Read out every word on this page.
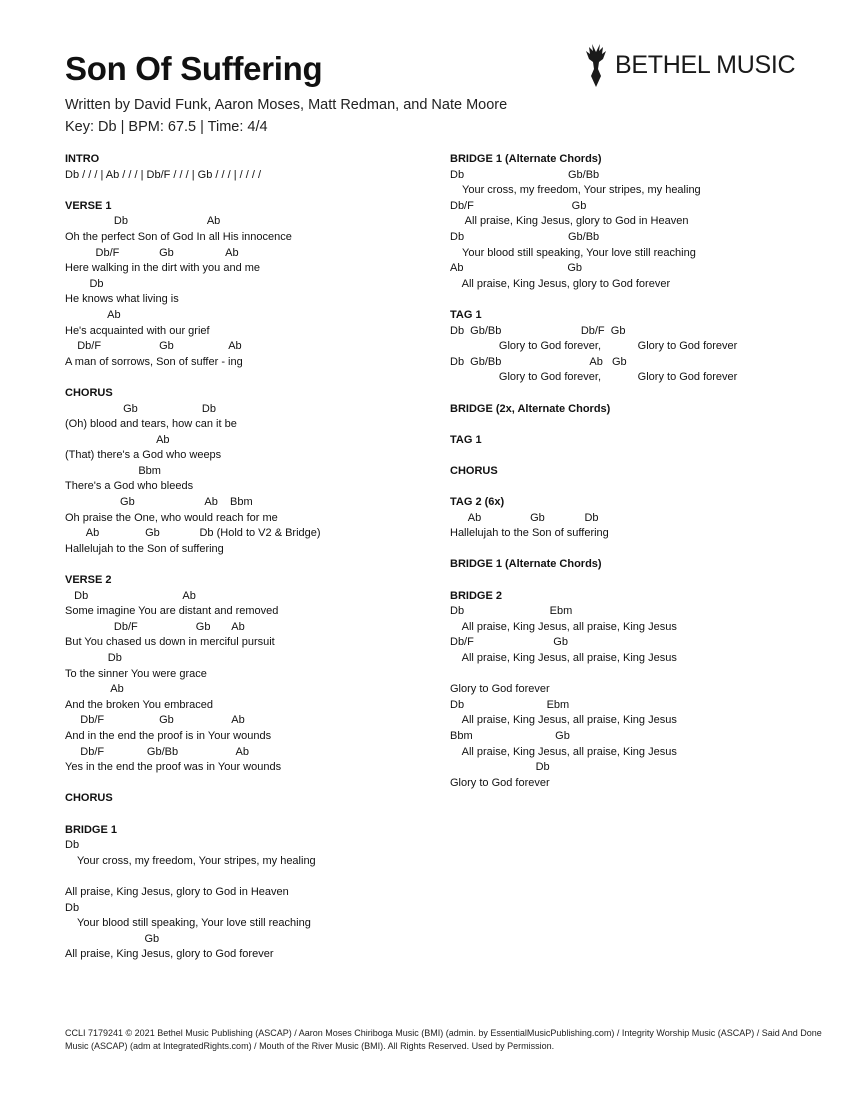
Son Of Suffering	BETHEL MUSIC
Written by David Funk, Aaron Moses, Matt Redman, and Nate Moore
Key: Db | BPM: 67.5 | Time: 4/4
INTRO
Db / / / | Ab / / / | Db/F / / / | Gb / / / | / / / /
VERSE 1
Db                          Ab
Oh the perfect Son of God In all His innocence
Db/F             Gb                 Ab
Here walking in the dirt with you and me
Db
He knows what living is
Ab
He's acquainted with our grief
Db/F                   Gb                  Ab
A man of sorrows, Son of suffer - ing
CHORUS
Gb                     Db
(Oh) blood and tears, how can it be
Ab
(That) there's a God who weeps
Bbm
There's a God who bleeds
Gb                       Ab    Bbm
Oh praise the One, who would reach for me
Ab               Gb             Db (Hold to V2 & Bridge)
Hallelujah to the Son of suffering
VERSE 2
Db                               Ab
Some imagine You are distant and removed
Db/F                   Gb       Ab
But You chased us down in merciful pursuit
Db
To the sinner You were grace
Ab
And the broken You embraced
Db/F                  Gb                   Ab
And in the end the proof is in Your wounds
Db/F              Gb/Bb                   Ab
Yes in the end the proof was in Your wounds
CHORUS
BRIDGE 1
Db
Your cross, my freedom, Your stripes, my healing
All praise, King Jesus, glory to God in Heaven
Db
Your blood still speaking, Your love still reaching
Gb
All praise, King Jesus, glory to God forever
BRIDGE 1 (Alternate Chords)
Db                                  Gb/Bb
Your cross, my freedom, Your stripes, my healing
Db/F                                Gb
All praise, King Jesus, glory to God in Heaven
Db                                  Gb/Bb
Your blood still speaking, Your love still reaching
Ab                                  Gb
All praise, King Jesus, glory to God forever
TAG 1
Db  Gb/Bb                          Db/F  Gb
Glory to God forever,            Glory to God forever
Db  Gb/Bb                             Ab   Gb
Glory to God forever,            Glory to God forever
BRIDGE (2x, Alternate Chords)
TAG 1
CHORUS
TAG 2 (6x)
Ab                Gb             Db
Hallelujah to the Son of suffering
BRIDGE 1 (Alternate Chords)
BRIDGE 2
Db                            Ebm
All praise, King Jesus, all praise, King Jesus
Db/F                          Gb
All praise, King Jesus, all praise, King Jesus
Glory to God forever
Db                           Ebm
All praise, King Jesus, all praise, King Jesus
Bbm                           Gb
All praise, King Jesus, all praise, King Jesus
Db
Glory to God forever
CCLI 7179241 © 2021 Bethel Music Publishing (ASCAP) / Aaron Moses Chiriboga Music (BMI) (admin. by EssentialMusicPublishing.com) / Integrity Worship Music (ASCAP) / Said And Done Music (ASCAP) (adm at IntegratedRights.com) / Mouth of the River Music (BMI). All Rights Reserved. Used by Permission.
